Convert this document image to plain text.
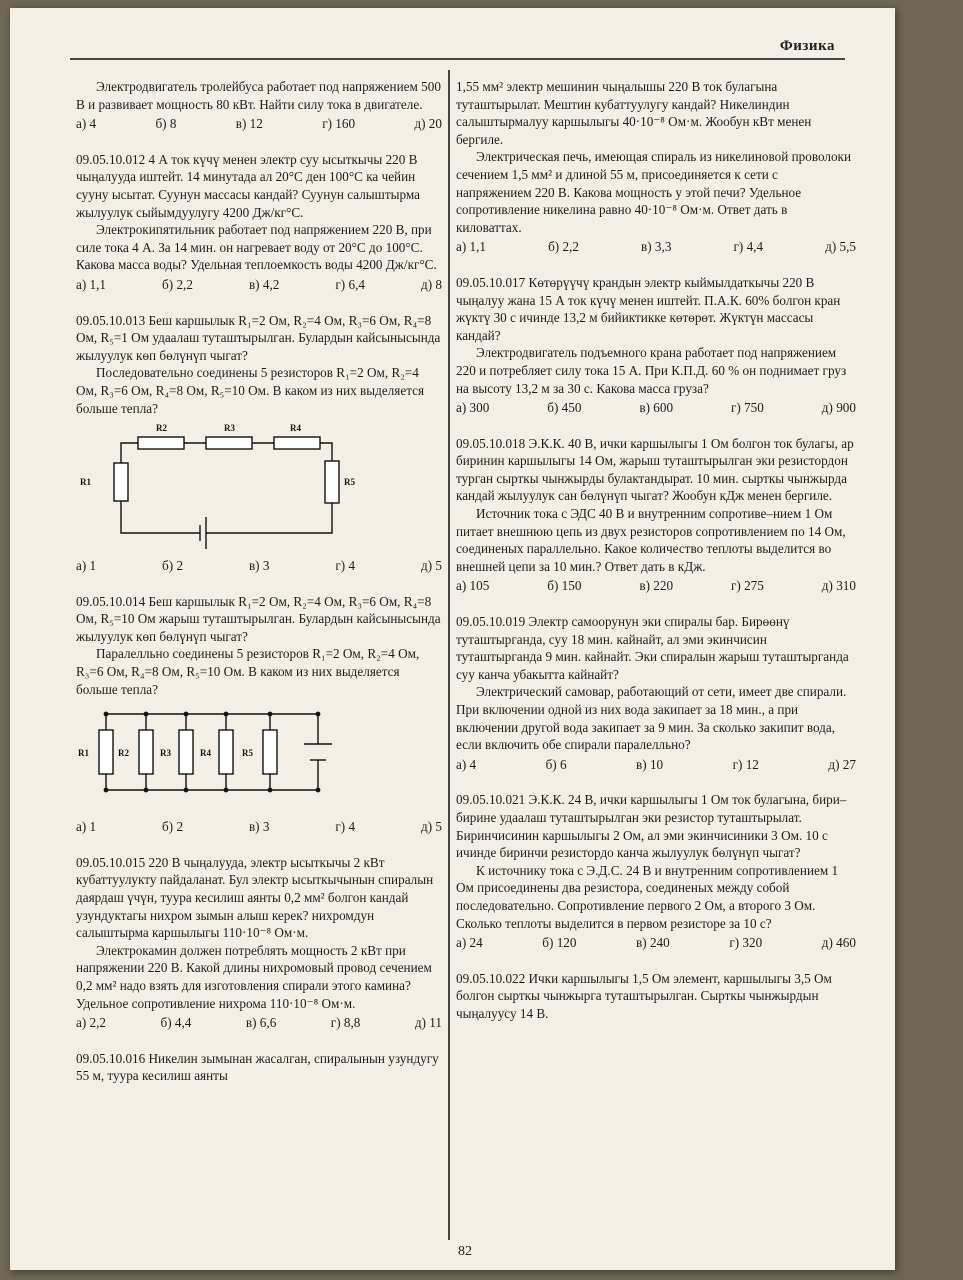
Физика

Электродвигатель тролейбуса работает под напряжением 500 В и развивает мощность 80 кВт. Найти силу тока в двигателе.

а) 4	б) 8	в) 12	г) 160	д) 20

09.05.10.012 4 А ток күчү менен электр суу ысыткычы 220 В чыңалууда иштейт. 14 минутада ал 20°C ден 100°C ка чейин сууну ысытат. Суунун массасы кандай? Суунун салыштырма жылуулук сыйымдуулугу 4200 Дж/кг°C.

Электрокипятильник работает под напряжением 220 В, при силе тока 4 А. За 14 мин. он нагревает воду от 20°C до 100°C. Какова масса воды? Удельная теплоемкость воды 4200 Дж/кг°C.

а) 1,1	б) 2,2	в) 4,2	г) 6,4	д) 8

09.05.10.013 Беш каршылык R₁=2 Ом, R₂=4 Ом, R₃=6 Ом, R₄=8 Ом, R₅=1 Ом удаалаш туташтырылган. Булардын кайсынысында жылуулук көп бөлүнүп чыгат?

Последовательно соединены 5 резисторов R₁=2 Ом, R₂=4 Ом, R₃=6 Ом, R₄=8 Ом, R₅=10 Ом. В каком из них выделяется больше тепла?

R1
R2	R3	R4
R5
а) 1	б) 2	в) 3	г) 4	д) 5

09.05.10.014 Беш каршылык R₁=2 Ом, R₂=4 Ом, R₃=6 Ом, R₄=8 Ом, R₅=10 Ом жарыш туташтырылган. Булардын кайсынысында жылуулук көп бөлүнүп чыгат?

Паралелльно соединены 5 резисторов R₁=2 Ом, R₂=4 Ом, R₃=6 Ом, R₄=8 Ом, R₅=10 Ом. В каком из них выделяется больше тепла?

R1	R2	R3	R4	R5
а) 1	б) 2	в) 3	г) 4	д) 5

09.05.10.015 220 В чыңалууда, электр ысыткычы 2 кВт кубаттуулукту пайдаланат. Бул электр ысыткычынын спиралын даярдаш үчүн, туура кесилиш аянты 0,2 мм² болгон кандай узундуктагы нихром зымын алыш керек? нихромдун салыштырма каршылыгы 110·10⁻⁸ Ом·м.

Электрокамин должен потреблять мощность 2 кВт при напряжении 220 В. Какой длины нихромовый провод сечением 0,2 мм² надо взять для изготовления спирали этого камина? Удельное сопротивление нихрома 110·10⁻⁸ Ом·м.

а) 2,2	б) 4,4	в) 6,6	г) 8,8	д) 11

09.05.10.016 Никелин зымынан жасалган, спиралынын узундугу 55 м, туура кесилиш аянты

1,55 мм² электр мешинин чыңалышы 220 В ток булагына туташтырылат. Мештин кубаттуулугу кандай? Никелиндин салыштырмалуу каршылыгы 40·10⁻⁸ Ом·м. Жообун кВт менен бергиле.

Электрическая печь, имеющая спираль из никелиновой проволоки сечением 1,5 мм² и длиной 55 м, присоединяется к сети с напряжением 220 В. Какова мощность у этой печи? Удельное сопротивление никелина равно 40·10⁻⁸ Ом·м. Ответ дать в киловаттах.

а) 1,1	б) 2,2	в) 3,3	г) 4,4	д) 5,5

09.05.10.017 Көтөрүүчү крандын электр кыймылдаткычы 220 В чыңалуу жана 15 А ток күчү менен иштейт. П.А.К. 60% болгон кран жүктү 30 с ичинде 13,2 м бийиктикке көтөрөт. Жүктүн массасы кандай?

Электродвигатель подъемного крана работает под напряжением 220 и потребляет силу тока 15 А. При К.П.Д. 60 % он поднимает груз на высоту 13,2 м за 30 с. Какова масса груза?

а) 300	б) 450	в) 600	г) 750	д) 900

09.05.10.018 Э.К.К. 40 В, ички каршылыгы 1 Ом болгон ток булагы, ар биринин каршылыгы 14 Ом, жарыш туташтырылган эки резистордон турган сырткы чынжырды булактандырат. 10 мин. сырткы чынжырда кандай жылуулук сан бөлүнүп чыгат? Жообун кДж менен бергиле.

Источник тока с ЭДС 40 В и внутренним сопротиве–нием 1 Ом питает внешнюю цепь из двух резисторов сопротивлением по 14 Ом, соединеных параллельно. Какое количество теплоты выделится во внешней цепи за 10 мин.? Ответ дать в кДж.

а) 105	б) 150	в) 220	г) 275	д) 310

09.05.10.019 Электр самоорунун эки спиралы бар. Бирөөнү туташтырганда, суу 18 мин. кайнайт, ал эми экинчисин туташтырганда 9 мин. кайнайт. Эки спиралын жарыш туташтырганда суу канча убакытта кайнайт?

Электрический самовар, работающий от сети, имеет две спирали. При включении одной из них вода закипает за 18 мин., а при включении другой вода закипает за 9 мин. За сколько закипит вода, если включить обе спирали паралелльно?

а) 4	б) 6	в) 10	г) 12	д) 27

09.05.10.021 Э.К.К. 24 В, ички каршылыгы 1 Ом ток булагына, бири–бирине удаалаш туташтырылган эки резистор туташтырылат. Биринчисинин каршылыгы 2 Ом, ал эми экинчисиники 3 Ом. 10 с ичинде биринчи резистордо канча жылуулук бөлүнүп чыгат?

К источнику тока с Э.Д.С. 24 В и внутренним сопротивлением 1 Ом присоединены два резистора, соединеных между собой последовательно. Сопротивление первого 2 Ом, а второго 3 Ом. Сколько теплоты выделится в первом резисторе за 10 с?

а) 24	б) 120	в) 240	г) 320	д) 460

09.05.10.022 Ички каршылыгы 1,5 Ом элемент, каршылыгы 3,5 Ом болгон сырткы чынжырга туташтырылган. Сырткы чынжырдын чыңалуусу 14 В.

82
